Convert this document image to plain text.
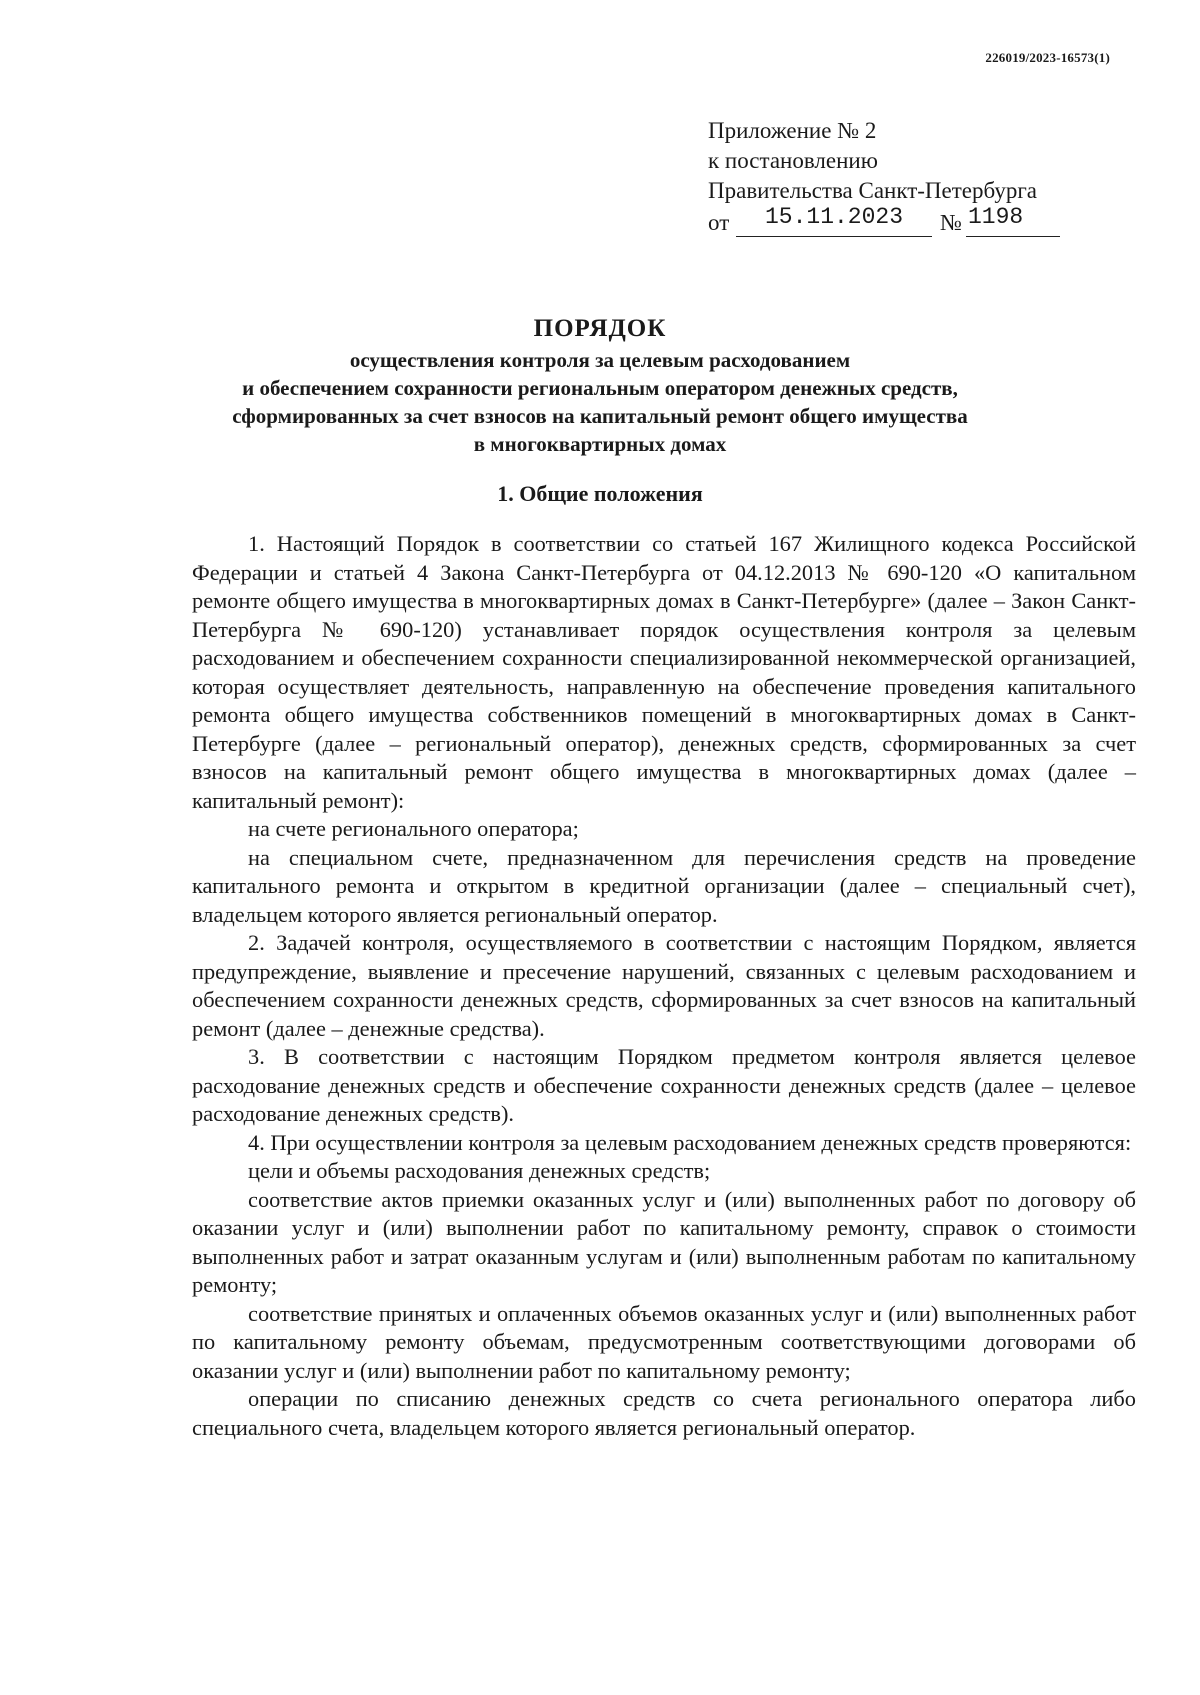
226019/2023-16573(1)
Приложение № 2
к постановлению
Правительства Санкт-Петербурга
от	15.11.2023	№ 1198
ПОРЯДОК
осуществления контроля за целевым расходованием
и обеспечением сохранности региональным оператором денежных средств,
сформированных за счет взносов на капитальный ремонт общего имущества
в многоквартирных домах
1. Общие положения

1. Настоящий Порядок в соответствии со статьей 167 Жилищного кодекса Российской Федерации и статьей 4 Закона Санкт-Петербурга от 04.12.2013 № 690-120 «О капитальном ремонте общего имущества в многоквартирных домах в Санкт-Петербурге» (далее – Закон Санкт-Петербурга № 690-120) устанавливает порядок осуществления контроля за целевым расходованием и обеспечением сохранности специализированной некоммерческой организацией, которая осуществляет деятельность, направленную на обеспечение проведения капитального ремонта общего имущества собственников помещений в многоквартирных домах в Санкт-Петербурге (далее – региональный оператор), денежных средств, сформированных за счет взносов на капитальный ремонт общего имущества в многоквартирных домах (далее – капитальный ремонт):

на счете регионального оператора;

на специальном счете, предназначенном для перечисления средств на проведение капитального ремонта и открытом в кредитной организации (далее – специальный счет), владельцем которого является региональный оператор.

2. Задачей контроля, осуществляемого в соответствии с настоящим Порядком, является предупреждение, выявление и пресечение нарушений, связанных с целевым расходованием и обеспечением сохранности денежных средств, сформированных за счет взносов на капитальный ремонт (далее – денежные средства).

3. В соответствии с настоящим Порядком предметом контроля является целевое расходование денежных средств и обеспечение сохранности денежных средств (далее – целевое расходование денежных средств).

4. При осуществлении контроля за целевым расходованием денежных средств проверяются:

цели и объемы расходования денежных средств;

соответствие актов приемки оказанных услуг и (или) выполненных работ по договору об оказании услуг и (или) выполнении работ по капитальному ремонту, справок о стоимости выполненных работ и затрат оказанным услугам и (или) выполненным работам по капитальному ремонту;

соответствие принятых и оплаченных объемов оказанных услуг и (или) выполненных работ по капитальному ремонту объемам, предусмотренным соответствующими договорами об оказании услуг и (или) выполнении работ по капитальному ремонту;

операции по списанию денежных средств со счета регионального оператора либо специального счета, владельцем которого является региональный оператор.
